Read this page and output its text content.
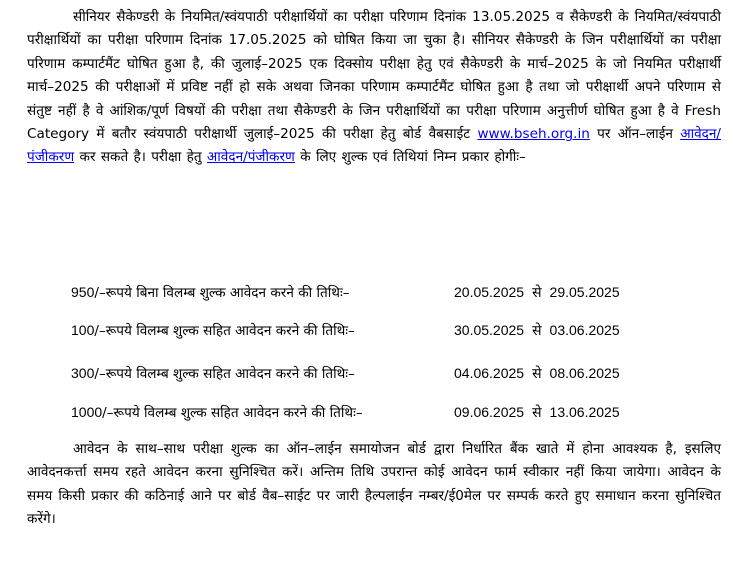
सीनियर सैकेण्डरी के नियमित/स्वंयपाठी परीक्षार्थियों का परीक्षा परिणाम दिनांक 13.05.2025 व सैकेण्डरी के नियमित/स्वंयपाठी परीक्षार्थियों का परीक्षा परिणाम दिनांक 17.05.2025 को घोषित किया जा चुका है। सीनियर सैकेण्डरी के जिन परीक्षार्थियों का परीक्षा परिणाम कम्पार्टमैंट घोषित हुआ है, की जुलाई–2025 एक दिक्सोय परीक्षा हेतु एवं सैकेण्डरी के मार्च–2025 के जो नियमित परीक्षार्थी मार्च–2025 की परीक्षाओं में प्रविष्ट नहीं हो सके अथवा जिनका परिणाम कम्पार्टमैंट घोषित हुआ है तथा जो परीक्षार्थी अपने परिणाम से संतुष्ट नहीं है वे आंशिक/पूर्ण विषयों की परीक्षा तथा सैकेण्डरी के जिन परीक्षार्थियों का परीक्षा परिणाम अनुत्तीर्ण घोषित हुआ है वे Fresh Category में बतौर स्वंयपाठी परीक्षार्थी जुलाई–2025 की परीक्षा हेतु बोर्ड वैबसाईट www.bseh.org.in पर ऑन–लाईन आवेदन/पंजीकरण कर सकते है। परीक्षा हेतु आवेदन/पंजीकरण के लिए शुल्क एवं तिथियां निम्न प्रकार होगीः–

950/–रूपये बिना विलम्ब शुल्क आवेदन करने की तिथिः–	20.05.2025 से 29.05.2025
100/–रूपये विलम्ब शुल्क सहित आवेदन करने की तिथिः–	30.05.2025 से 03.06.2025
300/–रूपये विलम्ब शुल्क सहित आवेदन करने की तिथिः–	04.06.2025 से 08.06.2025
1000/–रूपये विलम्ब शुल्क सहित आवेदन करने की तिथिः–	09.06.2025 से 13.06.2025

आवेदन के साथ–साथ परीक्षा शुल्क का ऑन–लाईन समायोजन बोर्ड द्वारा निर्धारित बैंक खाते में होना आवश्यक है, इसलिए आवेदनकर्त्ता समय रहते आवेदन करना सुनिश्चित करें। अन्तिम तिथि उपरान्त कोई आवेदन फार्म स्वीकार नहीं किया जायेगा। आवेदन के समय किसी प्रकार की कठिनाई आने पर बोर्ड वैब–साईट पर जारी हैल्पलाईन नम्बर/ई0मेल पर सम्पर्क करते हुए समाधान करना सुनिश्चित करेंगे।
